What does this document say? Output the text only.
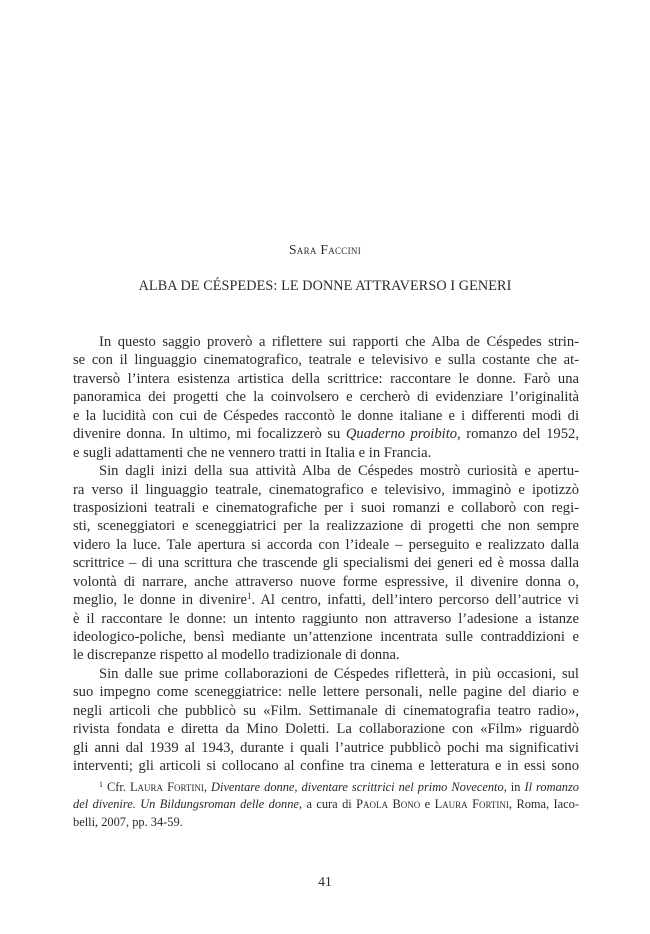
Sara Faccini
ALBA DE CÉSPEDES: LE DONNE ATTRAVERSO I GENERI
In questo saggio proverò a riflettere sui rapporti che Alba de Céspedes strin-
se con il linguaggio cinematografico, teatrale e televisivo e sulla costante che at-
traversò l’intera esistenza artistica della scrittrice: raccontare le donne. Farò una
panoramica dei progetti che la coinvolsero e cercherò di evidenziare l’originalità
e la lucidità con cui de Céspedes raccontò le donne italiane e i differenti modi di
divenire donna. In ultimo, mi focalizzerò su Quaderno proibito, romanzo del 1952,
e sugli adattamenti che ne vennero tratti in Italia e in Francia.
Sin dagli inizi della sua attività Alba de Céspedes mostrò curiosità e apertu-
ra verso il linguaggio teatrale, cinematografico e televisivo, immaginò e ipotizzò
trasposizioni teatrali e cinematografiche per i suoi romanzi e collaborò con regi-
sti, sceneggiatori e sceneggiatrici per la realizzazione di progetti che non sempre
videro la luce. Tale apertura si accorda con l’ideale – perseguito e realizzato dalla
scrittrice – di una scrittura che trascende gli specialismi dei generi ed è mossa dalla
volontà di narrare, anche attraverso nuove forme espressive, il divenire donna o,
meglio, le donne in divenire$^1$. Al centro, infatti, dell’intero percorso dell’autrice vi
è il raccontare le donne: un intento raggiunto non attraverso l’adesione a istanze
ideologico-poliche, bensì mediante un’attenzione incentrata sulle contraddizioni e
le discrepanze rispetto al modello tradizionale di donna.
Sin dalle sue prime collaborazioni de Céspedes rifletterà, in più occasioni, sul
suo impegno come sceneggiatrice: nelle lettere personali, nelle pagine del diario e
negli articoli che pubblicò su «Film. Settimanale di cinematografia teatro radio»,
rivista fondata e diretta da Mino Doletti. La collaborazione con «Film» riguardò
gli anni dal 1939 al 1943, durante i quali l’autrice pubblicò pochi ma significativi
interventi; gli articoli si collocano al confine tra cinema e letteratura e in essi sono
$^1$ Cfr. Laura Fortini, Diventare donne, diventare scrittrici nel primo Novecento, in Il romanzo
del divenire. Un Bildungsroman delle donne, a cura di Paola Bono e Laura Fortini, Roma, Iaco-
belli, 2007, pp. 34-59.
41
